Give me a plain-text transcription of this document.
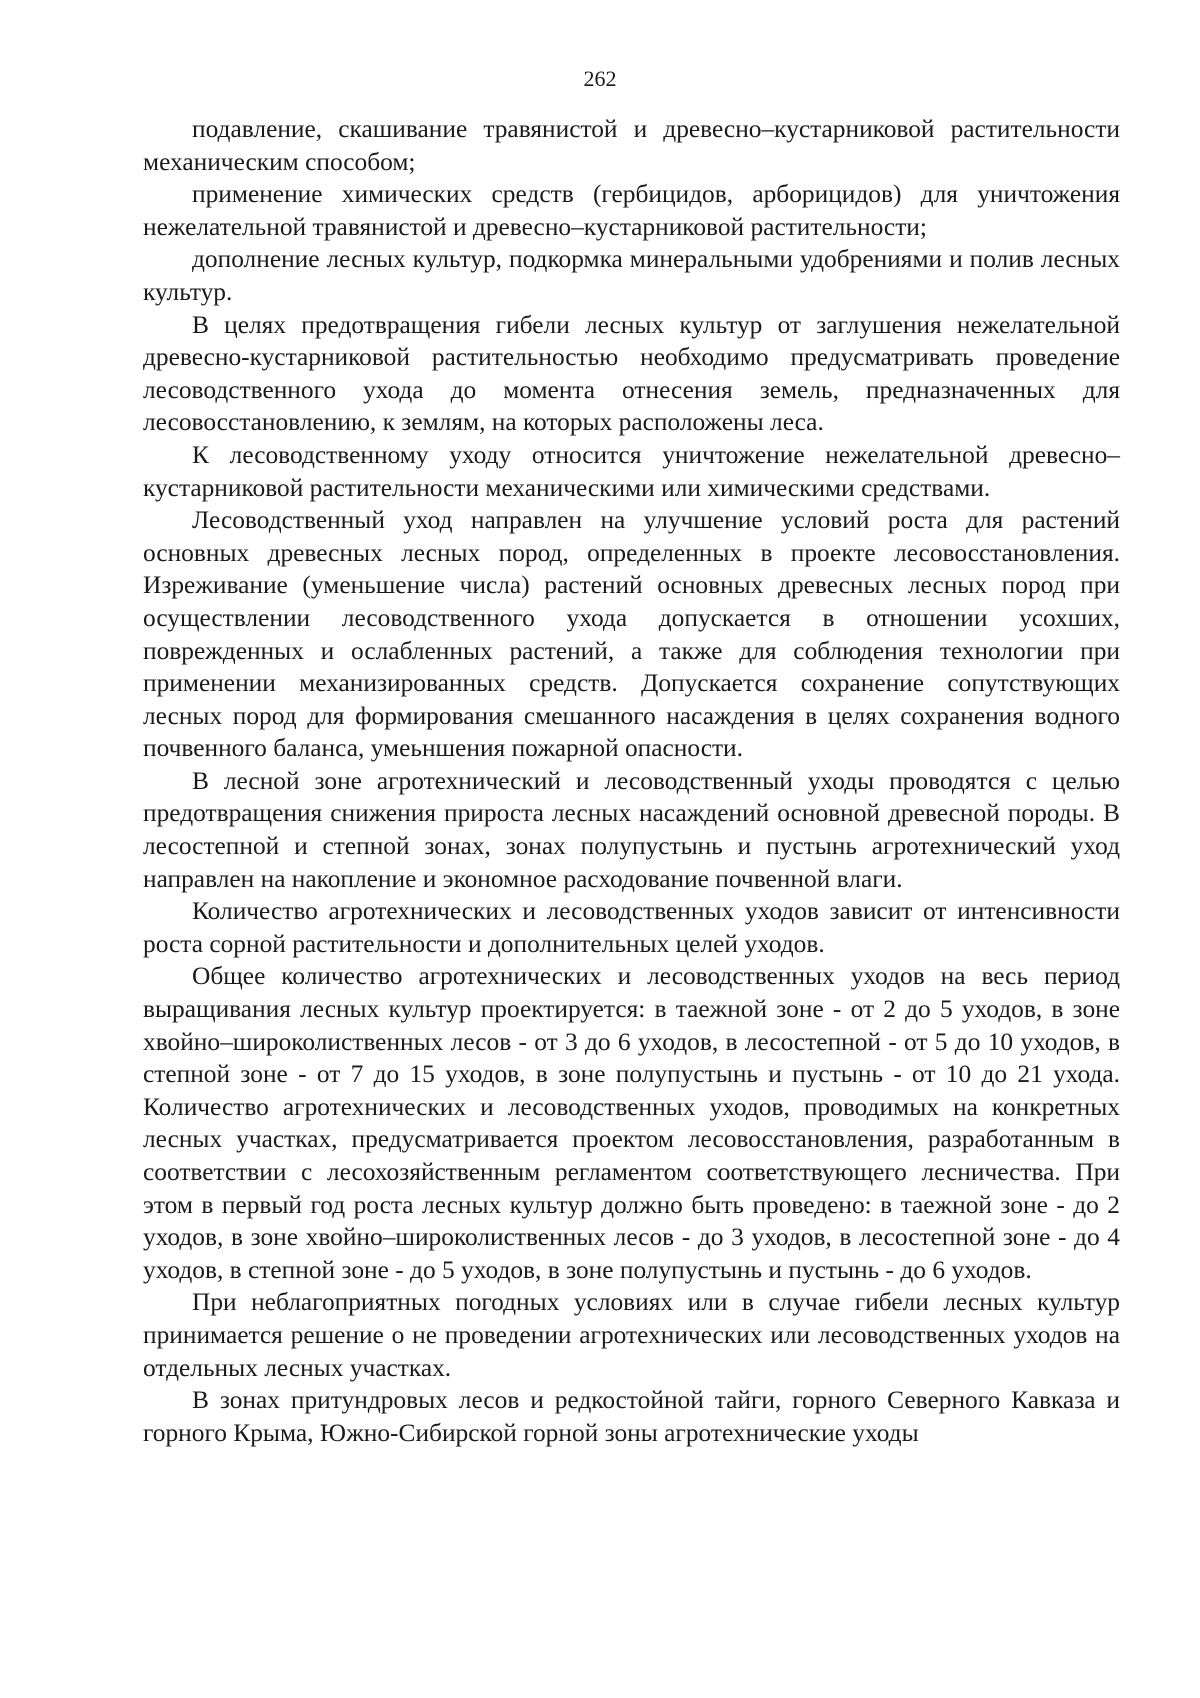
262

подавление, скашивание травянистой и древесно–кустарниковой растительности механическим способом;

применение химических средств (гербицидов, арборицидов) для уничтожения нежелательной травянистой и древесно–кустарниковой растительности;

дополнение лесных культур, подкормка минеральными удобрениями и полив лесных культур.

В целях предотвращения гибели лесных культур от заглушения нежелательной древесно-кустарниковой растительностью необходимо предусматривать проведение лесоводственного ухода до момента отнесения земель, предназначенных для лесовосстановлению, к землям, на которых расположены леса.

К лесоводственному уходу относится уничтожение нежелательной древесно–кустарниковой растительности механическими или химическими средствами.

Лесоводственный уход направлен на улучшение условий роста для растений основных древесных лесных пород, определенных в проекте лесовосстановления. Изреживание (уменьшение числа) растений основных древесных лесных пород при осуществлении лесоводственного ухода допускается в отношении усохших, поврежденных и ослабленных растений, а также для соблюдения технологии при применении механизированных средств. Допускается сохранение сопутствующих лесных пород для формирования смешанного насаждения в целях сохранения водного почвенного баланса, умеьншения пожарной опасности.

В лесной зоне агротехнический и лесоводственный уходы проводятся с целью предотвращения снижения прироста лесных насаждений основной древесной породы. В лесостепной и степной зонах, зонах полупустынь и пустынь агротехнический уход направлен на накопление и экономное расходование почвенной влаги.

Количество агротехнических и лесоводственных уходов зависит от интенсивности роста сорной растительности и дополнительных целей уходов.

Общее количество агротехнических и лесоводственных уходов на весь период выращивания лесных культур проектируется: в таежной зоне - от 2 до 5 уходов, в зоне хвойно–широколиственных лесов - от 3 до 6 уходов, в лесостепной - от 5 до 10 уходов, в степной зоне - от 7 до 15 уходов, в зоне полупустынь и пустынь - от 10 до 21 ухода. Количество агротехнических и лесоводственных уходов, проводимых на конкретных лесных участках, предусматривается проектом лесовосстановления, разработанным в соответствии с лесохозяйственным регламентом соответствующего лесничества. При этом в первый год роста лесных культур должно быть проведено: в таежной зоне - до 2 уходов, в зоне хвойно–широколиственных лесов - до 3 уходов, в лесостепной зоне - до 4 уходов, в степной зоне - до 5 уходов, в зоне полупустынь и пустынь - до 6 уходов.

При неблагоприятных погодных условиях или в случае гибели лесных культур принимается решение о не проведении агротехнических или лесоводственных уходов на отдельных лесных участках.

В зонах притундровых лесов и редкостойной тайги, горного Северного Кавказа и горного Крыма, Южно-Сибирской горной зоны агротехнические уходы
